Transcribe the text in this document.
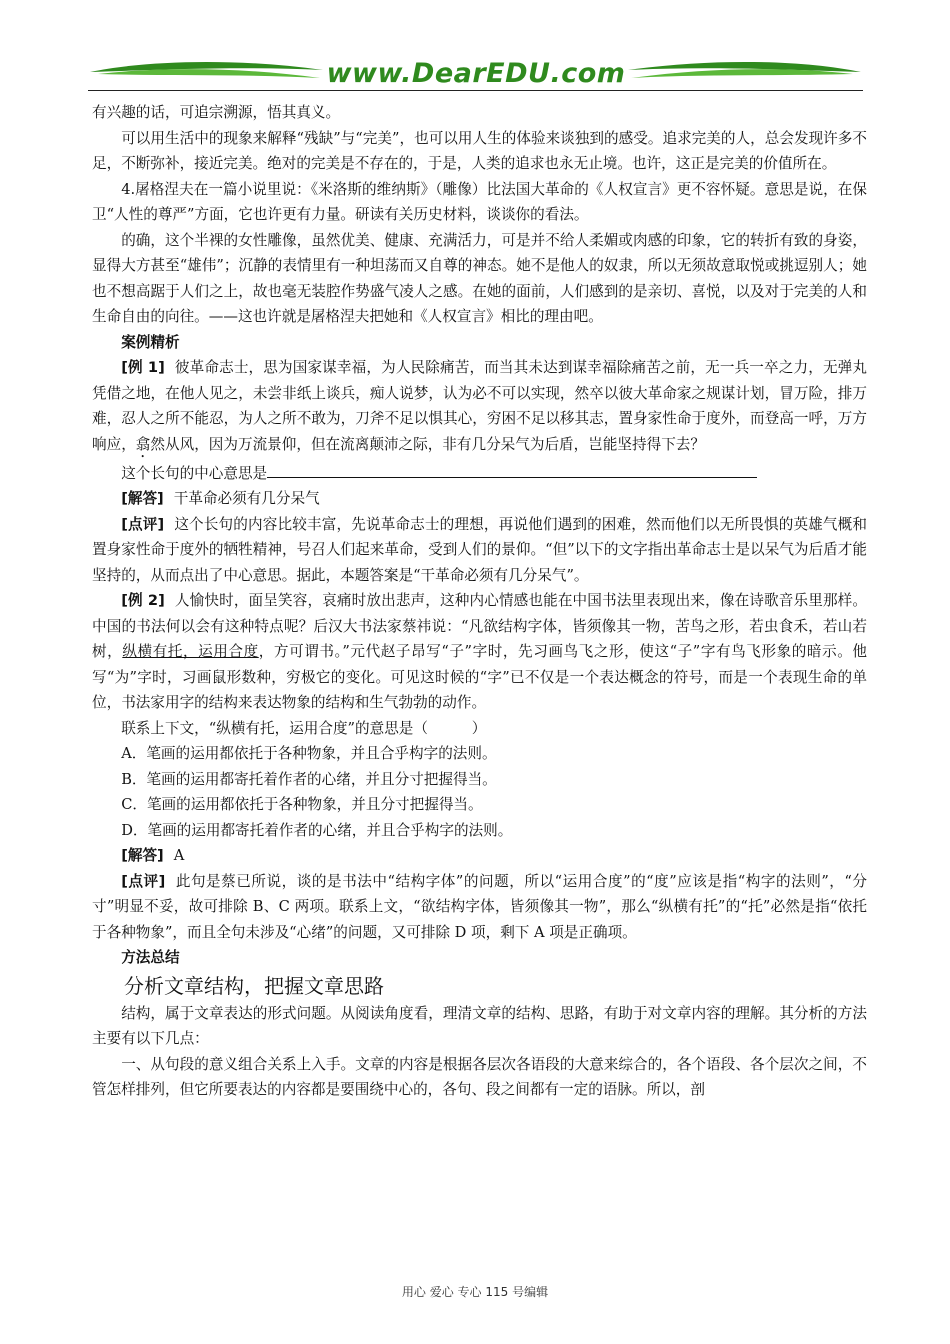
www.DearEDU.com

有兴趣的话，可追宗溯源，悟其真义。

可以用生活中的现象来解释“残缺”与“完美”，也可以用人生的体验来谈独到的感受。追求完美的人，总会发现许多不足，不断弥补，接近完美。绝对的完美是不存在的，于是，人类的追求也永无止境。也许，这正是完美的价值所在。

4.屠格涅夫在一篇小说里说：《米洛斯的维纳斯》（雕像）比法国大革命的《人权宣言》更不容怀疑。意思是说，在保卫“人性的尊严”方面，它也许更有力量。研读有关历史材料，谈谈你的看法。

的确，这个半裸的女性雕像，虽然优美、健康、充满活力，可是并不给人柔媚或肉感的印象，它的转折有致的身姿，显得大方甚至“雄伟”；沉静的表情里有一种坦荡而又自尊的神态。她不是他人的奴隶，所以无须故意取悦或挑逗别人；她也不想高踞于人们之上，故也毫无装腔作势盛气凌人之感。在她的面前，人们感到的是亲切、喜悦，以及对于完美的人和生命自由的向往。——这也许就是屠格涅夫把她和《人权宣言》相比的理由吧。

案例精析

[例 1] 彼革命志士，思为国家谋幸福，为人民除痛苦，而当其未达到谋幸福除痛苦之前，无一兵一卒之力，无弹丸凭借之地，在他人见之，未尝非纸上谈兵，痴人说梦，认为必不可以实现，然卒以彼大革命家之规谋计划，冒万险，排万难，忍人之所不能忍，为人之所不敢为，刀斧不足以惧其心，穷困不足以移其志，置身家性命于度外，而登高一呼，万方响应，翕然从风，因为万流景仰，但在流离颠沛之际，非有几分呆气为后盾，岂能坚持得下去？

这个长句的中心意思是

[解答] 干革命必须有几分呆气

[点评] 这个长句的内容比较丰富，先说革命志士的理想，再说他们遇到的困难，然而他们以无所畏惧的英雄气概和置身家性命于度外的牺牲精神，号召人们起来革命，受到人们的景仰。“但”以下的文字指出革命志士是以呆气为后盾才能坚持的，从而点出了中心意思。据此，本题答案是“干革命必须有几分呆气”。

[例 2] 人愉快时，面呈笑容，哀痛时放出悲声，这种内心情感也能在中国书法里表现出来，像在诗歌音乐里那样。中国的书法何以会有这种特点呢？后汉大书法家蔡祎说：“凡欲结构字体，皆须像其一物，苦鸟之形，若虫食禾，若山若树，纵横有托，运用合度，方可谓书。”元代赵子昂写“子”字时，先习画鸟飞之形，使这“子”字有鸟飞形象的暗示。他写“为”字时，习画鼠形数种，穷极它的变化。可见这时候的“字”已不仅是一个表达概念的符号，而是一个表现生命的单位，书法家用字的结构来表达物象的结构和生气勃勃的动作。

联系上下文，“纵横有托，运用合度”的意思是（　　　）

A．笔画的运用都依托于各种物象，并且合乎构字的法则。

B．笔画的运用都寄托着作者的心绪，并且分寸把握得当。

C．笔画的运用都依托于各种物象，并且分寸把握得当。

D．笔画的运用都寄托着作者的心绪，并且合乎构字的法则。

[解答] A

[点评] 此句是蔡已所说，谈的是书法中“结构字体”的问题，所以“运用合度”的“度”应该是指“构字的法则”，“分寸”明显不妥，故可排除 B、C 两项。联系上文，“欲结构字体，皆须像其一物”，那么“纵横有托”的“托”必然是指“依托于各种物象”，而且全句未涉及“心绪”的问题，又可排除 D 项，剩下 A 项是正确项。

方法总结

分析文章结构，把握文章思路

结构，属于文章表达的形式问题。从阅读角度看，理清文章的结构、思路，有助于对文章内容的理解。其分析的方法主要有以下几点：

一、从句段的意义组合关系上入手。文章的内容是根据各层次各语段的大意来综合的，各个语段、各个层次之间，不管怎样排列，但它所要表达的内容都是要围绕中心的，各句、段之间都有一定的语脉。所以，剖

用心 爱心 专心 115 号编辑
